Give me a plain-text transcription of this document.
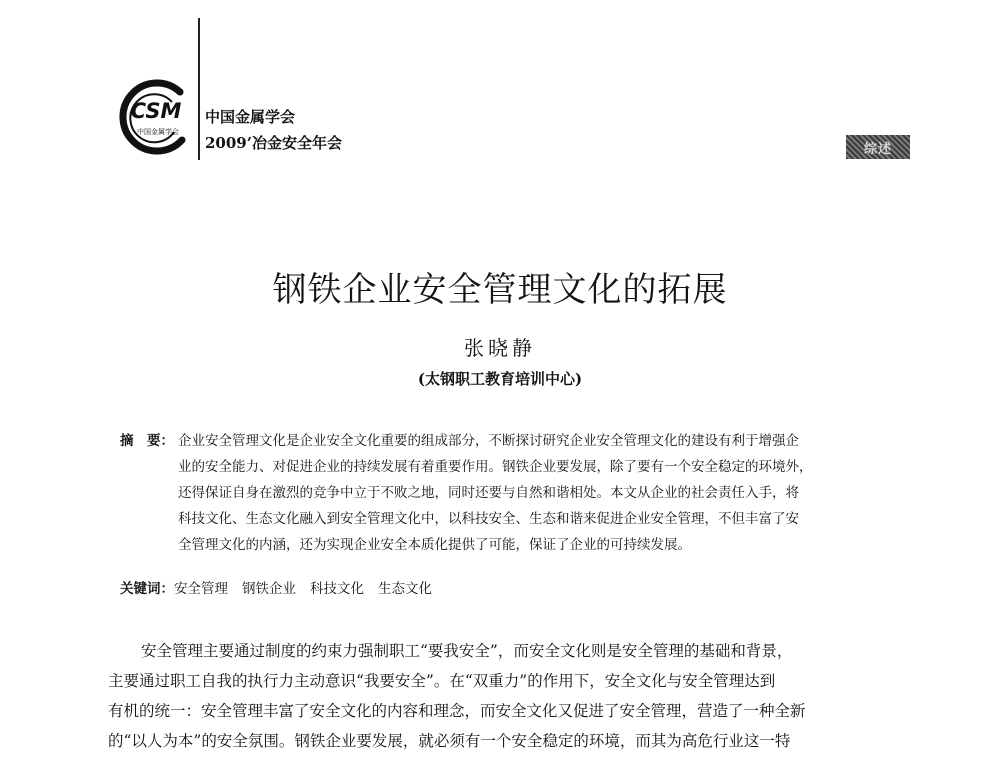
CSM
中国金属学会
中国金属学会
2009’冶金安全年会	综述
钢铁企业安全管理文化的拓展
张晓静
(太钢职工教育培训中心)
摘　要： 企业安全管理文化是企业安全文化重要的组成部分，不断探讨研究企业安全管理文化的建设有利于增强企
业的安全能力、对促进企业的持续发展有着重要作用。钢铁企业要发展，除了要有一个安全稳定的环境外，
还得保证自身在激烈的竞争中立于不败之地，同时还要与自然和谐相处。本文从企业的社会责任入手，将
科技文化、生态文化融入到安全管理文化中，以科技安全、生态和谐来促进企业安全管理，不但丰富了安
全管理文化的内涵，还为实现企业安全本质化提供了可能，保证了企业的可持续发展。
关键词：安全管理 钢铁企业 科技文化 生态文化
安全管理主要通过制度的约束力强制职工“要我安全”，而安全文化则是安全管理的基础和背景，
主要通过职工自我的执行力主动意识“我要安全”。在“双重力”的作用下，安全文化与安全管理达到
有机的统一：安全管理丰富了安全文化的内容和理念，而安全文化又促进了安全管理，营造了一种全新
的“以人为本”的安全氛围。钢铁企业要发展，就必须有一个安全稳定的环境，而其为高危行业这一特
